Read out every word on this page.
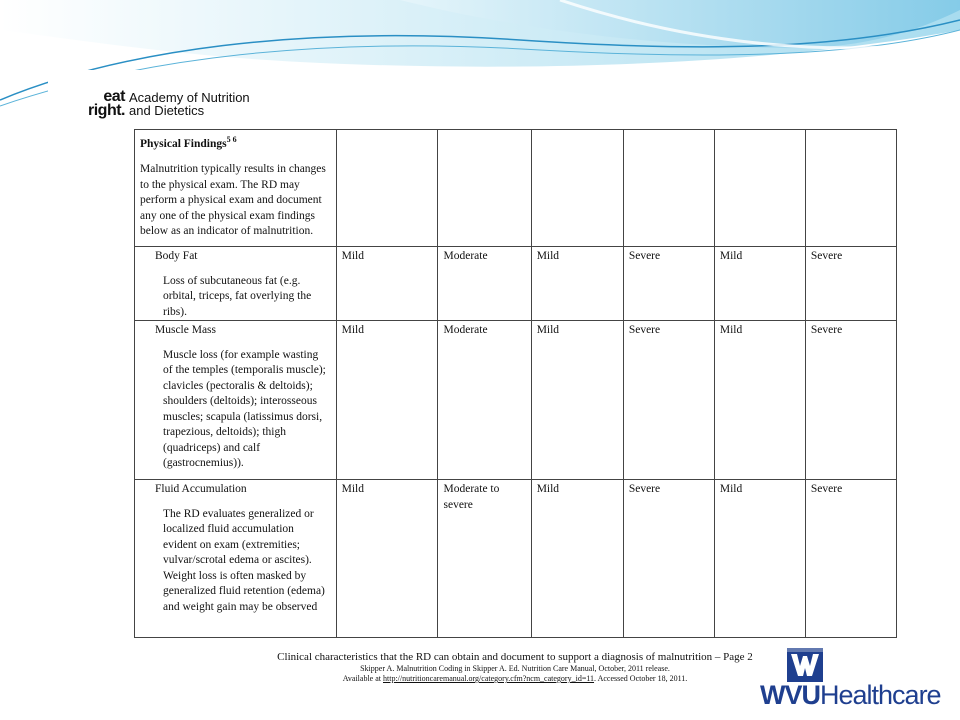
eat
right.
Academy of Nutrition
and Dietetics
Physical Findings$^{5 6}$
Malnutrition typically results in changes to the physical exam. The RD may perform a physical exam and document any one of the physical exam findings below as an indicator of malnutrition.						

Body Fat
Loss of subcutaneous fat (e.g. orbital, triceps, fat overlying the ribs).	Mild	Moderate	Mild	Severe	Mild	Severe

Muscle Mass
Muscle loss (for example wasting of the temples (temporalis muscle); clavicles (pectoralis & deltoids); shoulders (deltoids); interosseous muscles; scapula (latissimus dorsi, trapezious, deltoids); thigh (quadriceps) and calf (gastrocnemius)).	Mild	Moderate	Mild	Severe	Mild	Severe

Fluid Accumulation
The RD evaluates generalized or localized fluid accumulation evident on exam (extremities; vulvar/scrotal edema or ascites). Weight loss is often masked by generalized fluid retention (edema) and weight gain may be observed	Mild	Moderate to severe	Mild	Severe	Mild	Severe
Clinical characteristics that the RD can obtain and document to support a diagnosis of malnutrition – Page 2
Skipper A. Malnutrition Coding in Skipper A. Ed. Nutrition Care Manual, October, 2011 release.
Available at http://nutritioncaremanual.org/category.cfm?ncm_category_id=11. Accessed October 18, 2011.
WVUHealthcare
